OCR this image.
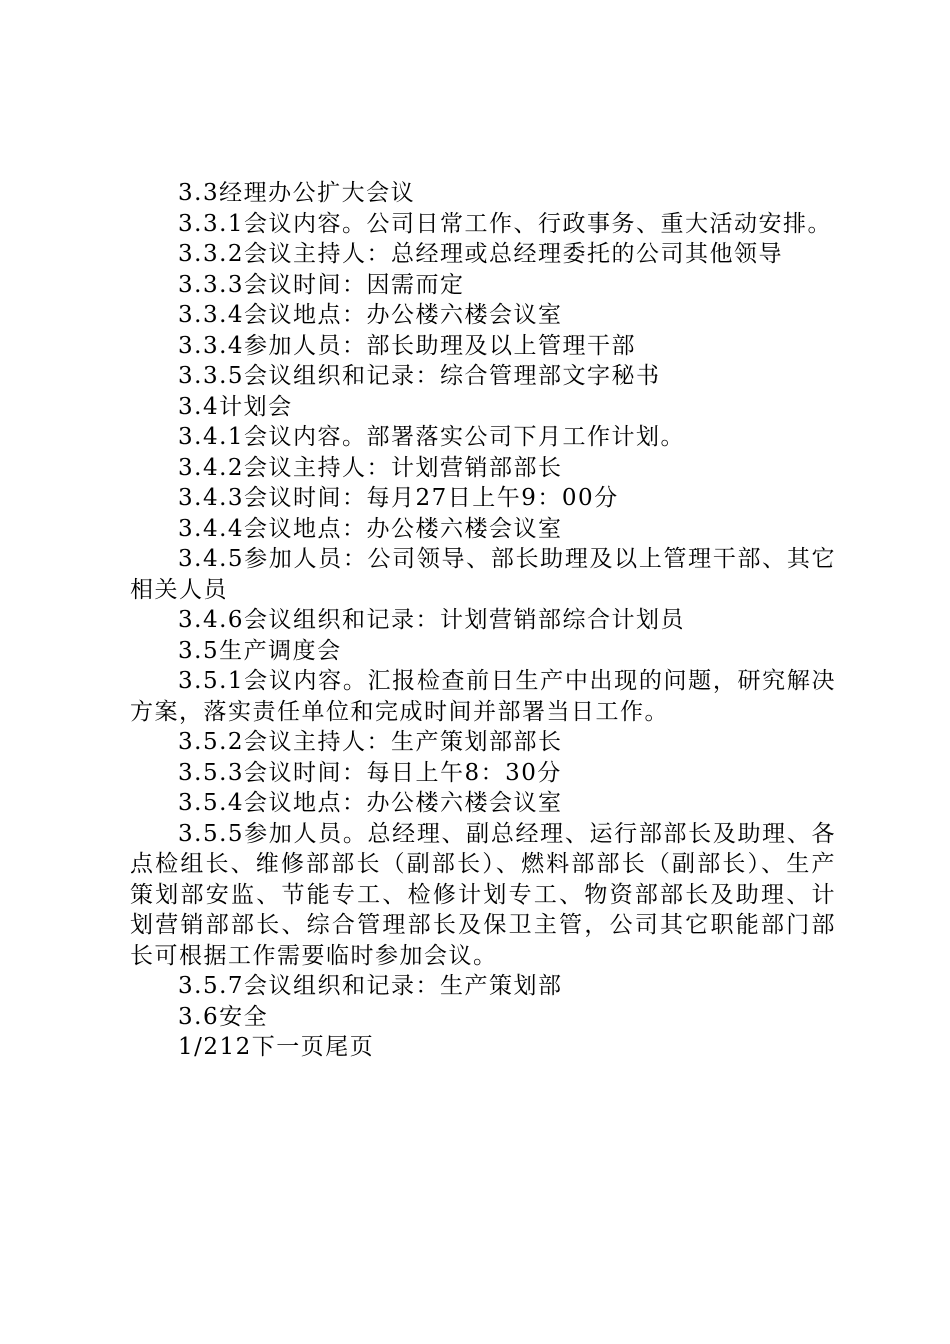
3.3经理办公扩大会议

3.3.1会议内容。公司日常工作、行政事务、重大活动安排。

3.3.2会议主持人：总经理或总经理委托的公司其他领导

3.3.3会议时间：因需而定

3.3.4会议地点：办公楼六楼会议室

3.3.4参加人员：部长助理及以上管理干部

3.3.5会议组织和记录：综合管理部文字秘书

3.4计划会

3.4.1会议内容。部署落实公司下月工作计划。

3.4.2会议主持人：计划营销部部长

3.4.3会议时间：每月27日上午9：00分

3.4.4会议地点：办公楼六楼会议室

3.4.5参加人员：公司领导、部长助理及以上管理干部、其它相关人员

3.4.6会议组织和记录：计划营销部综合计划员

3.5生产调度会

3.5.1会议内容。汇报检查前日生产中出现的问题，研究解决方案，落实责任单位和完成时间并部署当日工作。

3.5.2会议主持人：生产策划部部长

3.5.3会议时间：每日上午8：30分

3.5.4会议地点：办公楼六楼会议室

3.5.5参加人员。总经理、副总经理、运行部部长及助理、各点检组长、维修部部长（副部长）、燃料部部长（副部长）、生产策划部安监、节能专工、检修计划专工、物资部部长及助理、计划营销部部长、综合管理部长及保卫主管，公司其它职能部门部长可根据工作需要临时参加会议。

3.5.7会议组织和记录：生产策划部

3.6安全

1/212下一页尾页
